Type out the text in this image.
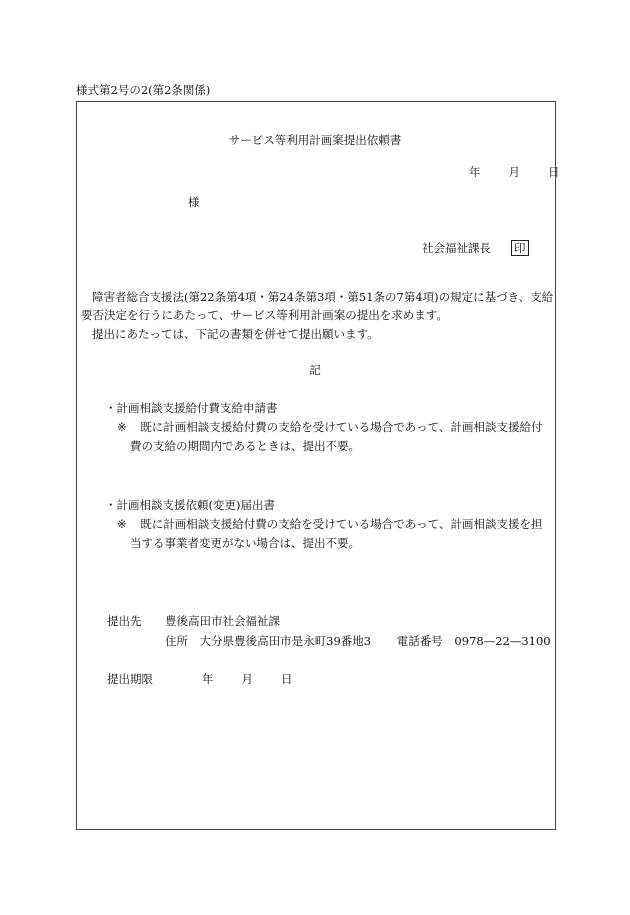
様式第2号の2(第2条関係)
サービス等利用計画案提出依頼書
年 月 日
様
社会福祉課長 印
障害者総合支援法(第22条第4項・第24条第3項・第51条の7第4項)の規定に基づき、支給
要否決定を行うにあたって、サービス等利用計画案の提出を求めます。
提出にあたっては、下記の書類を併せて提出願います。
記
・計画相談支援給付費支給申請書
※ 既に計画相談支援給付費の支給を受けている場合であって、計画相談支援給付
費の支給の期間内であるときは、提出不要。
・計画相談支援依頼(変更)届出書
※ 既に計画相談支援給付費の支給を受けている場合であって、計画相談支援を担
当する事業者変更がない場合は、提出不要。
提出先 豊後高田市社会福祉課
住所 大分県豊後高田市是永町39番地3 電話番号 0978—22—3100
提出期限	年 月 日
